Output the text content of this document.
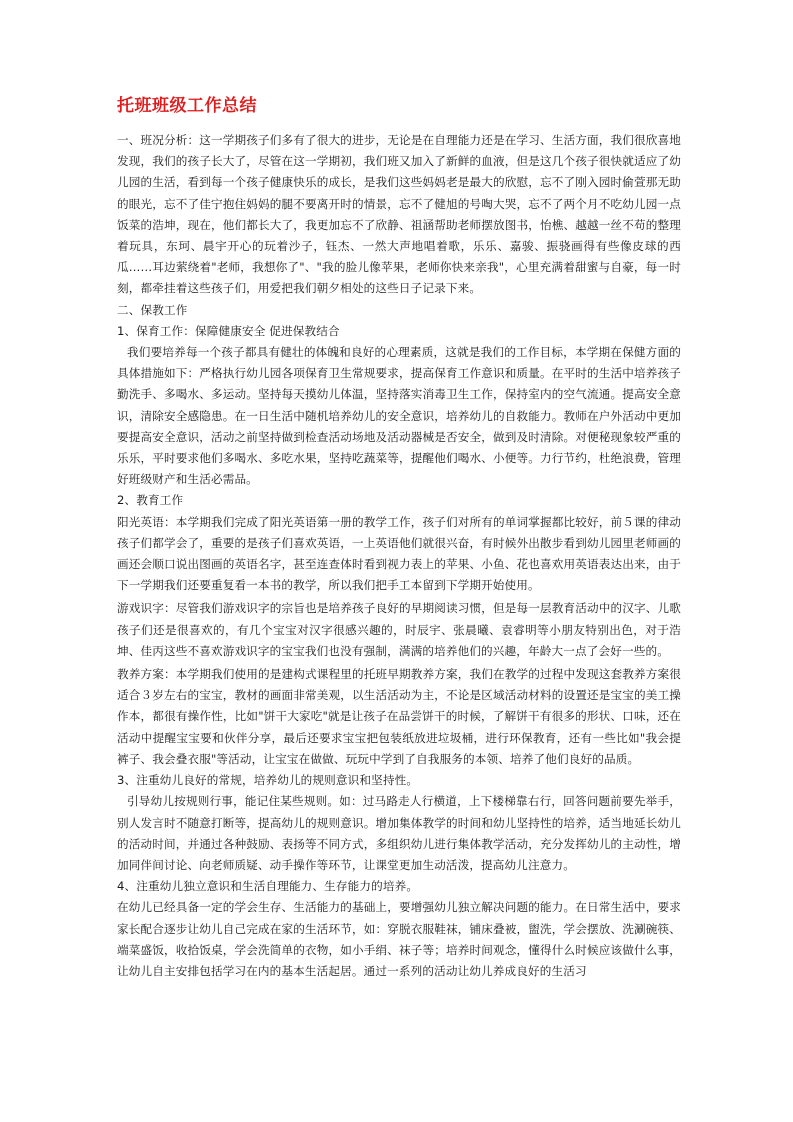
托班班级工作总结

一、班况分析：这一学期孩子们多有了很大的进步，无论是在自理能力还是在学习、生活方面，我们很欣喜地发现，我们的孩子长大了，尽管在这一学期初，我们班又加入了新鲜的血液，但是这几个孩子很快就适应了幼儿园的生活，看到每一个孩子健康快乐的成长，是我们这些妈妈老是最大的欣慰，忘不了刚入园时偷萱那无助的眼光，忘不了佳宁抱住妈妈的腿不要离开时的情景，忘不了健旭的号啕大哭，忘不了两个月不吃幼儿园一点饭菜的浩坤，现在，他们都长大了，我更加忘不了欣静、祖涵帮助老师摆放图书，怡樵、越越一丝不苟的整理着玩具，东珂、晨宇开心的玩着沙子，钰杰、一然大声地唱着歌，乐乐、嘉骏、振骁画得有些像皮球的西瓜……耳边萦绕着"老师，我想你了"、"我的脸儿像苹果，老师你快来亲我"，心里充满着甜蜜与自豪，每一时刻，都牵挂着这些孩子们，用爱把我们朝夕相处的这些日子记录下来。

二、保教工作

1、保育工作：保障健康安全 促进保教结合

我们要培养每一个孩子都具有健壮的体魄和良好的心理素质，这就是我们的工作目标，本学期在保健方面的具体措施如下：严格执行幼儿园各项保育卫生常规要求，提高保育工作意识和质量。在平时的生活中培养孩子勤洗手、多喝水、多运动。坚持每天摸幼儿体温，坚持落实消毒卫生工作，保持室内的空气流通。提高安全意识，清除安全感隐患。在一日生活中随机培养幼儿的安全意识，培养幼儿的自救能力。教师在户外活动中更加要提高安全意识，活动之前坚持做到检查活动场地及活动器械是否安全，做到及时清除。对便秘现象较严重的乐乐，平时要求他们多喝水、多吃水果，坚持吃蔬菜等，提醒他们喝水、小便等。力行节约，杜绝浪费，管理好班级财产和生活必需品。

2、教育工作

阳光英语：本学期我们完成了阳光英语第一册的教学工作，孩子们对所有的单词掌握都比较好，前５课的律动孩子们都学会了，重要的是孩子们喜欢英语，一上英语他们就很兴奋，有时候外出散步看到幼儿园里老师画的画还会顺口说出图画的英语名字，甚至连查体时看到视力表上的苹果、小鱼、花也喜欢用英语表达出来，由于下一学期我们还要重复看一本书的教学，所以我们把手工本留到下学期开始使用。

游戏识字：尽管我们游戏识字的宗旨也是培养孩子良好的早期阅读习惯，但是每一层教育活动中的汉字、儿歌孩子们还是很喜欢的，有几个宝宝对汉字很感兴趣的，时辰宇、张晨曦、袁睿明等小朋友特别出色，对于浩坤、佳丙这些不喜欢游戏识字的宝宝我们也没有强制，满满的培养他们的兴趣，年龄大一点了会好一些的。

教养方案：本学期我们使用的是建构式课程里的托班早期教养方案，我们在教学的过程中发现这套教养方案很适合３岁左右的宝宝，教材的画面非常美观，以生活活动为主，不论是区域活动材料的设置还是宝宝的美工操作本，都很有操作性，比如"饼干大家吃"就是让孩子在品尝饼干的时候，了解饼干有很多的形状、口味，还在活动中提醒宝宝要和伙伴分享，最后还要求宝宝把包装纸放进垃圾桶，进行环保教育，还有一些比如"我会提裤子、我会叠衣服"等活动，让宝宝在做做、玩玩中学到了自我服务的本领、培养了他们良好的品质。

3、注重幼儿良好的常规，培养幼儿的规则意识和坚持性。

引导幼儿按规则行事，能记住某些规则。如：过马路走人行横道，上下楼梯靠右行，回答问题前要先举手，别人发言时不随意打断等，提高幼儿的规则意识。增加集体教学的时间和幼儿坚持性的培养，适当地延长幼儿的活动时间，并通过各种鼓励、表扬等不同方式，多组织幼儿进行集体教学活动，充分发挥幼儿的主动性，增加同伴间讨论、向老师质疑、动手操作等环节，让课堂更加生动活泼，提高幼儿注意力。

4、注重幼儿独立意识和生活自理能力、生存能力的培养。

在幼儿已经具备一定的学会生存、生活能力的基础上，要增强幼儿独立解决问题的能力。在日常生活中，要求家长配合逐步让幼儿自己完成在家的生活环节，如：穿脱衣服鞋袜，铺床叠被，盥洗，学会摆放、洗涮碗筷、端菜盛饭，收拾饭桌，学会洗简单的衣物，如小手绢、袜子等；培养时间观念，懂得什么时候应该做什么事，让幼儿自主安排包括学习在内的基本生活起居。通过一系列的活动让幼儿养成良好的生活习
